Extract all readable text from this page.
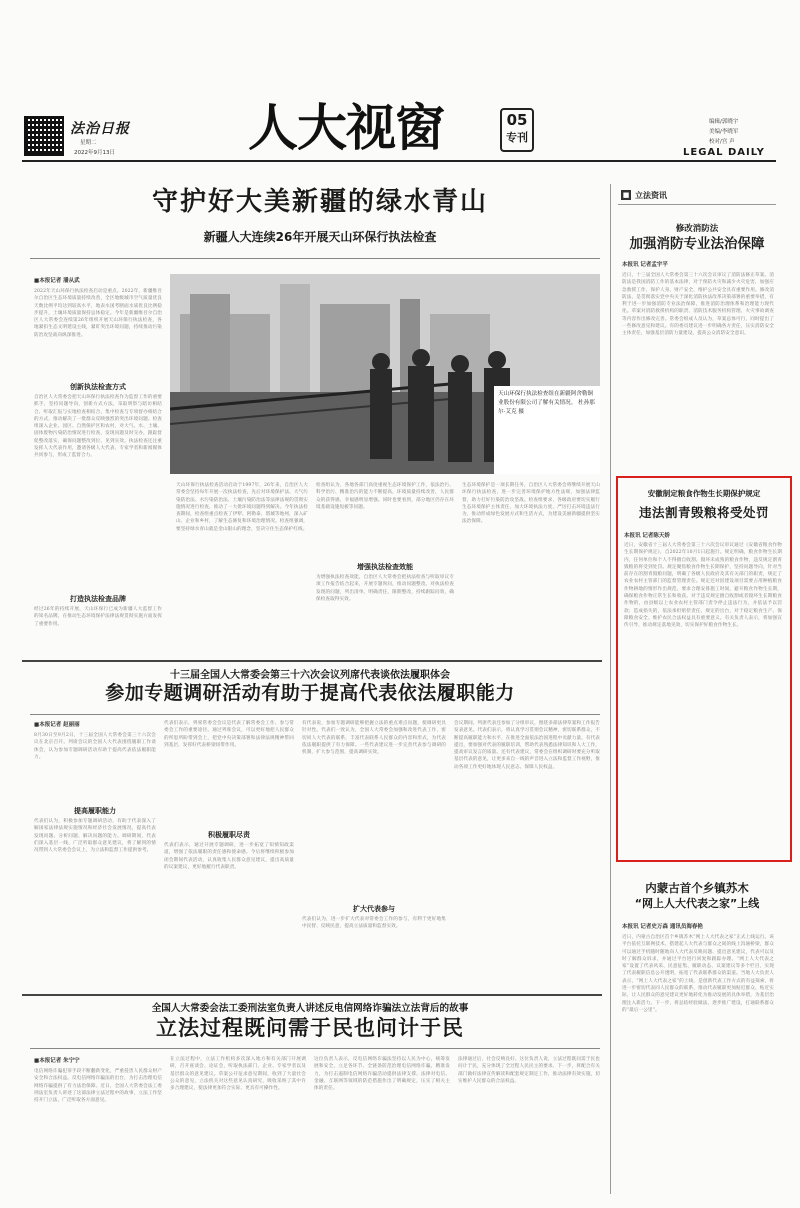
法治日报
星期二
2022年9月13日	人大视窗	05
专刊
编辑/郭晓宇
美编/李晓军
校对/宫 声
LEGAL DAILY
守护好大美新疆的绿水青山
新疆人大连续26年开展天山环保行执法检查
■本报记者 潘从武
2022年天山环保行执法检查启动是重点。2022年，新疆维吾尔自治区生态环境质量持续改善，全区地级城市空气质量优良天数比例平均达到较高水平，地表水国考断面水质优良比例稳步提升，土壤环境质量保持总体稳定。今年是新疆维吾尔自治区人大常委会连续第26年组织开展天山环保行执法检查，各地紧扣生态文明建设主线，紧盯突出环境问题，持续推动污染防治攻坚战向纵深推进。
创新执法检查方式
自治区人大常委会把天山环保行执法检查作为监督工作的重要抓手，坚持问题导向，创新方式方法，采取明察与暗访相结合、听取汇报与实地检查相结合、集中检查与专项督办相结合的方式，推动解决了一批群众反映强烈的突出环境问题。检查组深入企业、园区、自然保护区和农村，对大气、水、土壤、固体废物污染防治情况进行检查，发现问题及时交办，跟踪督促整改落实，确保问题整改到位、见到实效。执法检查还注重发挥人大代表作用，邀请各级人大代表、专家学者和新闻媒体共同参与，形成了监督合力。
打造执法检查品牌
经过26年的持续开展，天山环保行已成为新疆人大监督工作的知名品牌，在推动生态环境保护法律法规贯彻实施方面发挥了重要作用。
天山环保行执法检查组在新疆阿舍勒铜业股份有限公司了解有关情况。 杜孙那尔·艾克 摄
天山环保行执法检查活动启动于1997年，26年来，自治区人大常委会坚持每年开展一次执法检查，先后对环境保护法、大气污染防治法、水污染防治法、土壤污染防治法等法律法规的贯彻实施情况进行检查，推动了一大批环境问题得到解决。今年执法检查期间，检查组重点检查了伊犁、阿勒泰、塔城等地州，深入矿山、企业和乡村，了解生态修复和环境治理情况。检查组强调，要坚持绿水青山就是金山银山的理念，坚决守住生态保护红线。
检查组认为，各地各部门高度重视生态环境保护工作，依法治污、科学治污、精准治污的能力不断提高，环境质量持续改善，人民群众的获得感、幸福感明显增强。同时也要看到，部分地区仍存在环境基础设施短板等问题。
增强执法检查效能
为增强执法检查效能，自治区人大常委会把执法检查与听取审议专项工作报告结合起来，开展专题询问，推动问题整改。对执法检查发现的问题，列出清单，明确责任，限期整改，持续跟踪问效，确保检查取得实效。
生态环境保护是一项长期任务，自治区人大常委会将继续开展天山环保行执法检查，进一步完善环境保护地方性法规，加强法律监督，助力打好污染防治攻坚战。检查组要求，各级政府要切实履行生态环境保护主体责任，加大环境执法力度，严厉打击环境违法行为，推动形成绿色发展方式和生活方式，为建设美丽新疆提供坚实法治保障。
十三届全国人大常委会第三十六次会议列席代表谈依法履职体会
参加专题调研活动有助于提高代表依法履职能力
■本报记者 赵丽丽
8月30日至9月2日，十三届全国人大常委会第三十六次会议在北京召开。列席会议的全国人大代表围绕履职工作谈体会，认为参加专题调研活动有助于提高代表依法履职能力。
提高履职能力
代表们认为，积极参加专题调研活动，有助于代表深入了解国家法律法规实施情况和经济社会发展情况，提高代表发现问题、分析问题、解决问题的能力。调研期间，代表们深入基层一线，广泛听取群众意见建议，将了解到的情况带到人大常委会会议上，为立法和监督工作提供参考。
代表们表示，列席常委会会议是代表了解常委会工作、参与常委会工作的重要途径。通过列席会议，可以更好地把人民群众的所思所盼带到会上，把党中央决策部署和法律法规精神带回到基层，发挥好代表桥梁纽带作用。
积极履职尽责
代表们表示，通过开展专题调研，进一步拓宽了知情知政渠道，增强了依法履职的责任感和使命感。今后将继续积极参加闭会期间代表活动，认真收集人民群众意见建议，提出高质量的议案建议，更好地履行代表职责。
有代表说，参加专题调研能够把握立法的重点难点问题，使调研更具针对性。代表们一致认为，全国人大常委会加强和改进代表工作，密切同人大代表的联系，丰富代表联系人民群众的内容和形式，为代表依法履职提供了有力保障。一些代表建议进一步完善代表参与调研的机制，扩大参与范围，提高调研实效。
扩大代表参与
代表们认为，进一步扩大代表对常委会工作的参与，有利于更好地集中民智、反映民意，提高立法质量和监督实效。
会议期间，列席代表还参加了分组审议，围绕多部法律草案和工作报告发表意见。代表们表示，将认真学习贯彻会议精神，密切联系群众，不断提高履职能力和水平，在推进全面依法治国进程中贡献力量。有代表提出，要加强对代表的履职培训，帮助代表熟悉法律知识和人大工作，提高审议发言的质量。还有代表建议，常委会在组织调研时要充分听取基层代表的意见，让更多来自一线的声音进入立法和监督工作视野，推动各项工作更好地体现人民意志、保障人民权益。
全国人大常委会法工委刑法室负责人讲述反电信网络诈骗法立法背后的故事
立法过程既问需于民也问计于民
■本报记者 朱宁宁
电信网络诈骗犯罪手段不断翻新变化，严重侵害人民群众财产安全和合法权益。反电信网络诈骗法的出台，为打击治理电信网络诈骗提供了有力法治保障。近日，全国人大常委会法工委刑法室负责人讲述了这部法律立法过程中的故事，立法工作坚持开门立法，广泛听取各方面意见。
在立法过程中，立法工作机构多次深入地方和有关部门开展调研，召开座谈会、论证会，听取执法部门、企业、专家学者以及基层群众的意见建议。草案公开征求意见期间，收到了大量社会公众的意见，立法机关对这些意见认真研究，吸收采纳了其中许多合理建议，使法律更加符合实际、更具有可操作性。
这位负责人表示，反电信网络诈骗法坚持以人民为中心，统筹发展和安全，立足各环节、全链条防范治理电信网络诈骗，精准发力，为打击遏制电信网络诈骗活动提供法律支撑。法律对电信、金融、互联网等领域的防范措施作出了明确规定，压实了相关主体的责任。
法律通过后，社会反响良好。这位负责人说，立法过程既问需于民也问计于民，充分体现了全过程人民民主的要求。下一步，将配合有关部门做好法律宣传解读和配套规定制定工作，推动法律有效实施，切实维护人民群众的合法权益。
■ 立法资讯
修改消防法
加强消防专业法治保障
本报讯 记者孟宇平
近日，十三届全国人大常委会第三十六次会议审议了消防法修正草案。消防法是我国消防工作的基本法律，对于预防火灾和减少火灾危害，加强应急救援工作，保护人身、财产安全，维护公共安全具有重要作用。修改消防法，是贯彻落实党中央关于深化消防执法改革决策部署的重要举措，有利于进一步加强消防专业法治保障，推进消防治理体系和治理能力现代化。草案对消防救援机构的职责、消防技术服务机构管理、火灾事故调查等内容作出修改完善。常委会组成人员认为，草案总体可行，同时提出了一些修改意见和建议。有的委员建议进一步明确各方责任，压实消防安全主体责任，加强基层消防力量建设，提高公众消防安全意识。
安徽制定粮食作物生长期保护规定
违法割青毁粮将受处罚
本报讯 记者陈天娇
近日，安徽省十三届人大常委会第三十六次会议审议通过《安徽省粮食作物生长期保护规定》，自2022年10月1日起施行。规定明确，粮食作物生长期内，任何单位和个人不得擅自收割、毁坏未成熟的粮食作物，违反规定割青毁粮的将受到处罚。规定聚焦粮食作物生长期保护，坚持问题导向，针对当前存在的割青毁粮问题，明确了各级人民政府及其有关部门的职责，规定了农业农村主管部门的监督管理责任。规定还对因建设项目需要占用种植粮食作物耕地的情形作出规范，要求合理安排施工时间，避开粮食作物生长期，确保粮食作物正常生长和收获。对于违反规定擅自收割或者毁坏生长期粮食作物的，由县级以上农业农村主管部门责令停止违法行为，并依法予以罚款；造成损失的，依法承担赔偿责任。规定的出台，对于稳定粮食生产、保障粮食安全、维护农民合法权益具有重要意义。有关负责人表示，将加强宣传引导，推动规定落地见效，切实保护好粮食作物生长。
内蒙古首个乡镇苏木
“网上人大代表之家”上线
本报讯 记者史万森 通讯员海春艳
近日，内蒙古自治区首个乡镇苏木“网上人大代表之家”正式上线运行。该平台依托互联网技术，搭建起人大代表与群众之间的线上沟通桥梁，群众可以通过手机随时随地向人大代表反映问题、提出意见建议，代表可以及时了解群众诉求，并通过平台进行回复和跟踪办理。“网上人大代表之家”设置了代表风采、民意征集、履职动态、议案建议等多个栏目，实现了代表履职信息公开透明，拓宽了代表联系群众的渠道。当地人大负责人表示，“网上人大代表之家”的上线，是创新代表工作方式的有益探索，将进一步密切代表同人民群众的联系，推动代表履职更加贴近群众、贴近实际，让人民群众的意见建议更好地转化为推动发展的具体举措，为基层治理注入新活力。下一步，将总结经验做法，逐步推广建设，打通联系群众的“最后一公里”。
